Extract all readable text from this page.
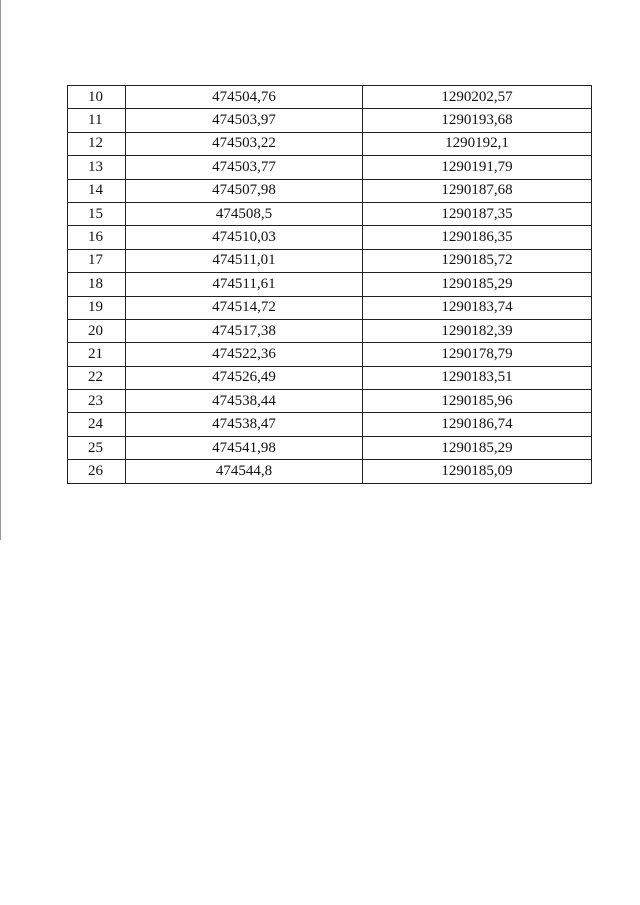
10	474504,76	1290202,57
11	474503,97	1290193,68
12	474503,22	1290192,1
13	474503,77	1290191,79
14	474507,98	1290187,68
15	474508,5	1290187,35
16	474510,03	1290186,35
17	474511,01	1290185,72
18	474511,61	1290185,29
19	474514,72	1290183,74
20	474517,38	1290182,39
21	474522,36	1290178,79
22	474526,49	1290183,51
23	474538,44	1290185,96
24	474538,47	1290186,74
25	474541,98	1290185,29
26	474544,8	1290185,09
